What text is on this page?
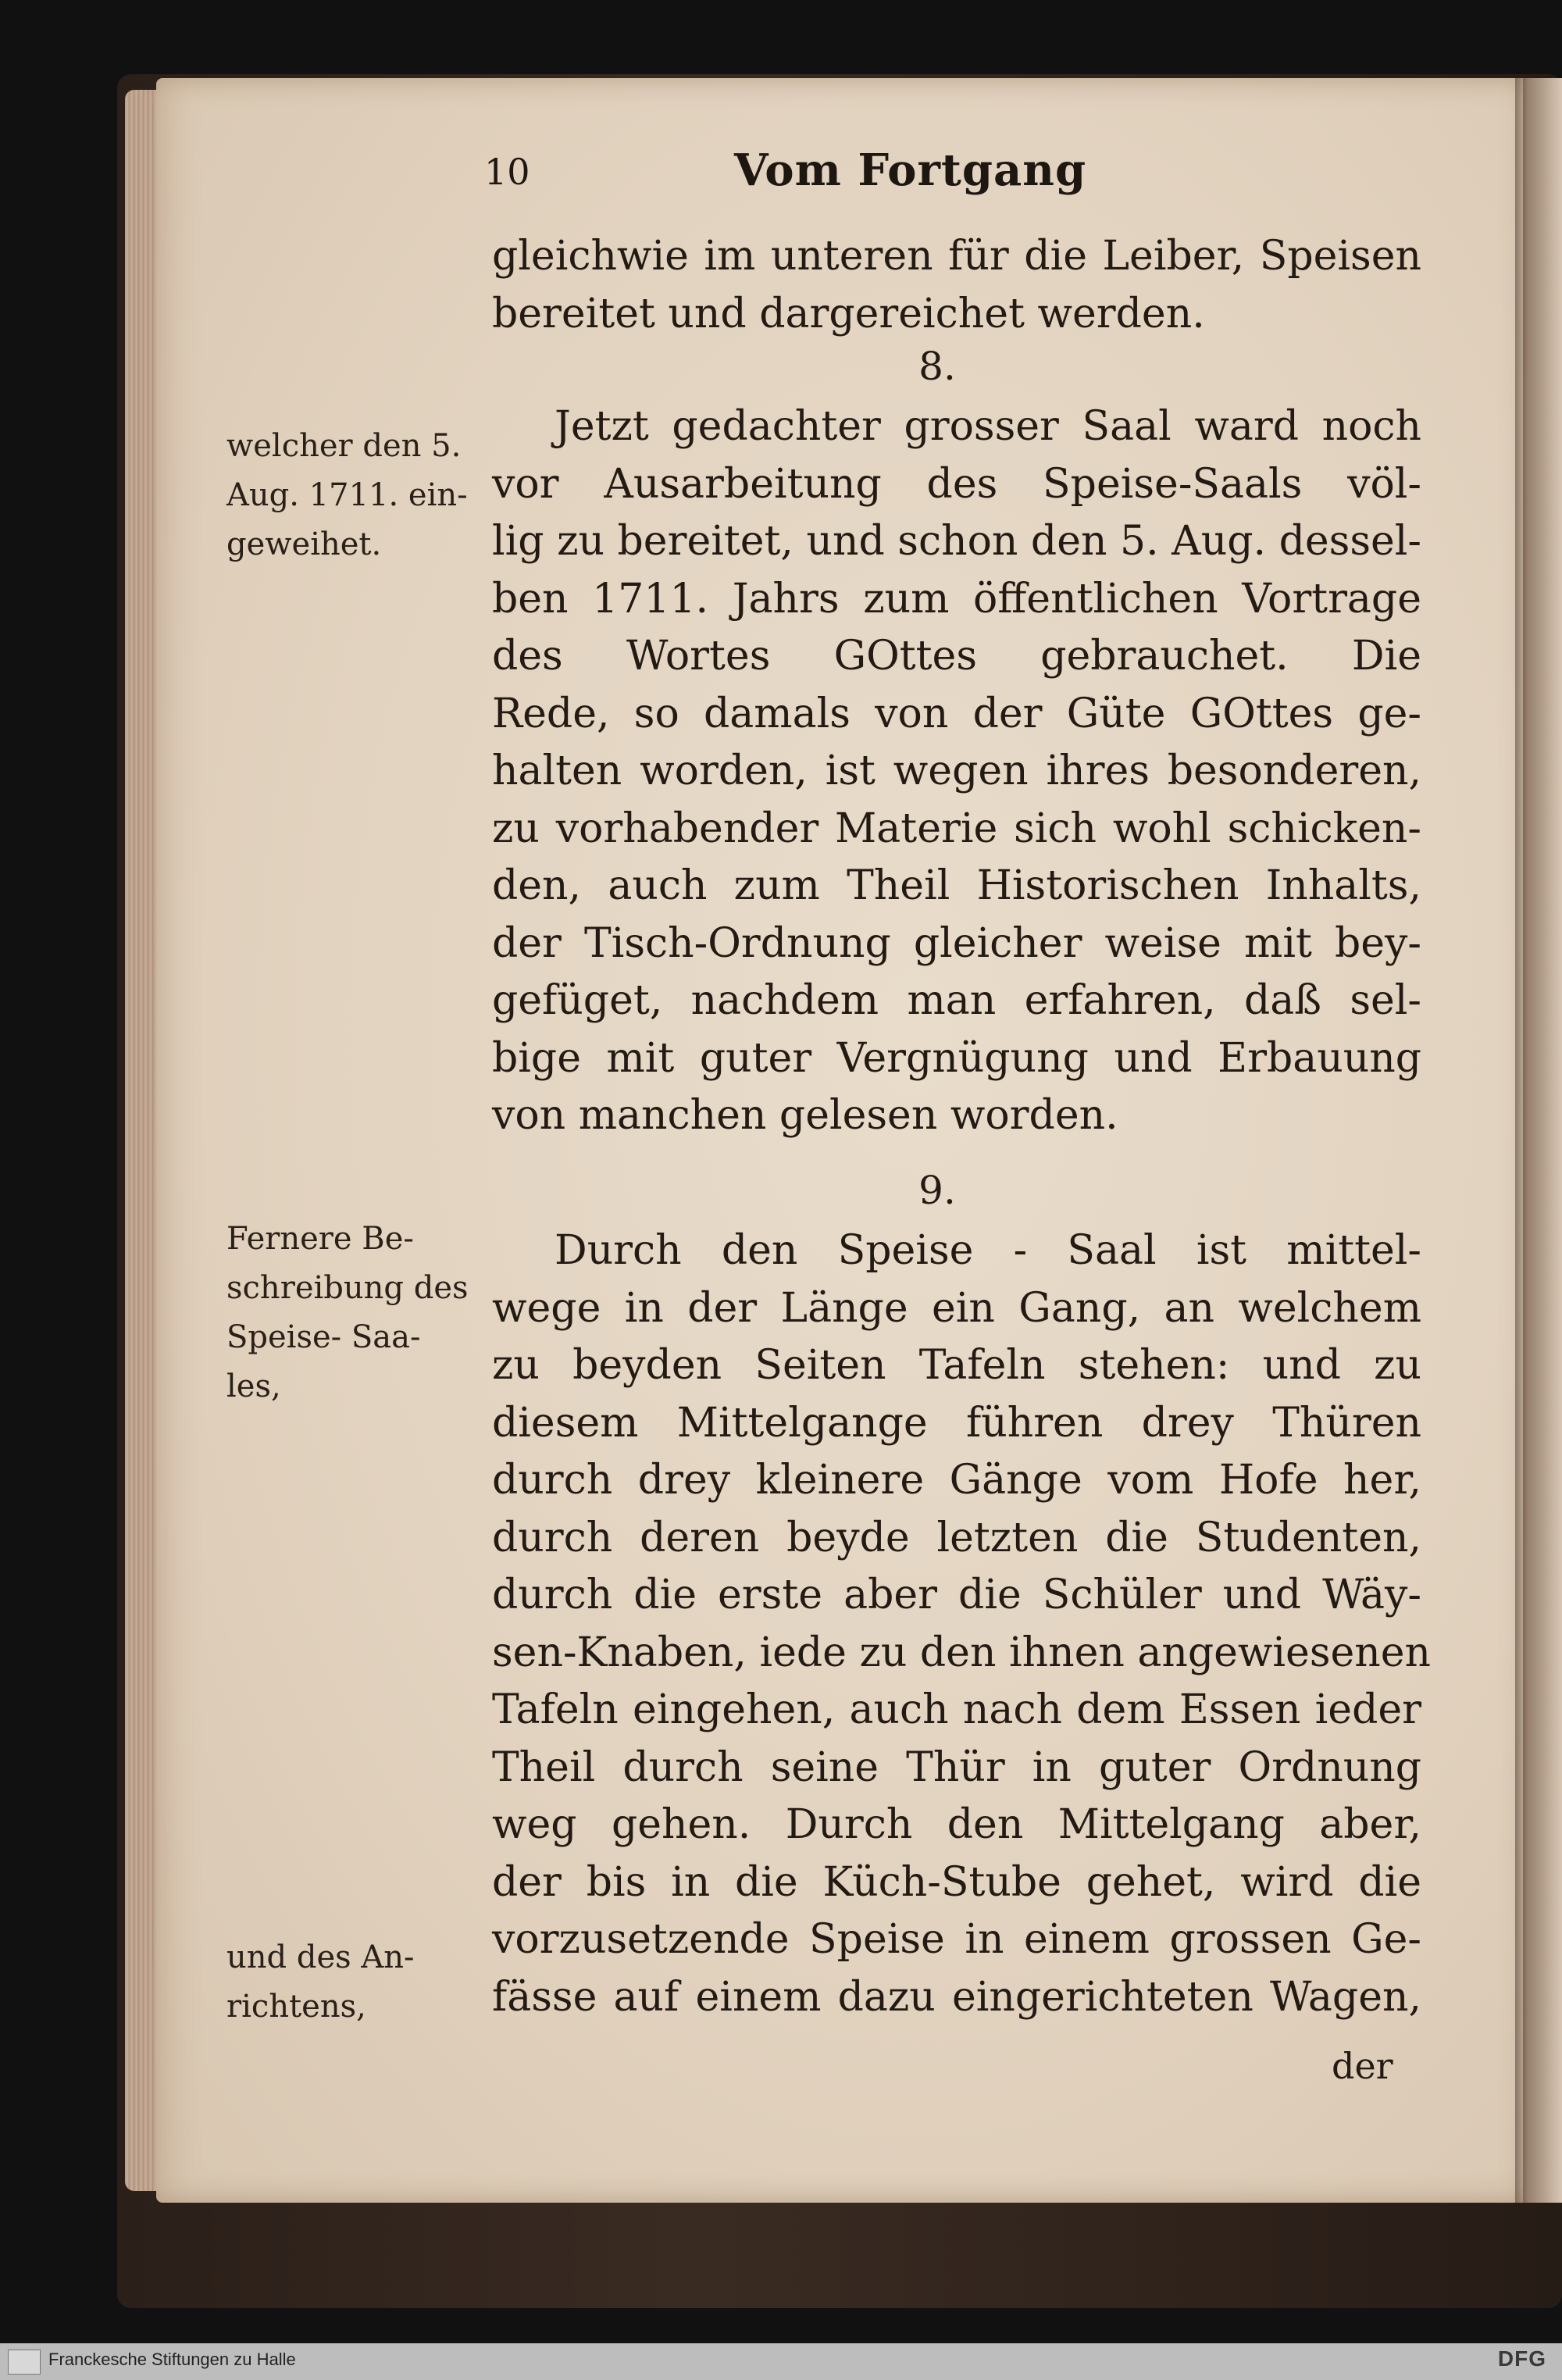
10	Vom Fortgang
gleichwie im unteren für die Leiber, Speisen
bereitet und dargereichet werden.
8.
Jetzt gedachter grosser Saal ward noch
vor Ausarbeitung des Speise-Saals völ-
lig zu bereitet, und schon den 5. Aug. dessel-
ben 1711. Jahrs zum öffentlichen Vortrage
des Wortes GOttes gebrauchet. Die
Rede, so damals von der Güte GOttes ge-
halten worden, ist wegen ihres besonderen,
zu vorhabender Materie sich wohl schicken-
den, auch zum Theil Historischen Inhalts,
der Tisch-Ordnung gleicher weise mit bey-
gefüget, nachdem man erfahren, daß sel-
bige mit guter Vergnügung und Erbauung
von manchen gelesen worden.
9.
Durch den Speise - Saal ist mittel-
wege in der Länge ein Gang, an welchem
zu beyden Seiten Tafeln stehen: und zu
diesem Mittelgange führen drey Thüren
durch drey kleinere Gänge vom Hofe her,
durch deren beyde letzten die Studenten,
durch die erste aber die Schüler und Wäy-
sen-Knaben, iede zu den ihnen angewiesenen
Tafeln eingehen, auch nach dem Essen ieder
Theil durch seine Thür in guter Ordnung
weg gehen. Durch den Mittelgang aber,
der bis in die Küch-Stube gehet, wird die
vorzusetzende Speise in einem grossen Ge-
fässe auf einem dazu eingerichteten Wagen,
der
welcher den 5.
Aug. 1711. ein-
geweihet.
Fernere Be-
schreibung des
Speise- Saa-
les,
und des An-
richtens,
Franckesche Stiftungen zu Halle	DFG
